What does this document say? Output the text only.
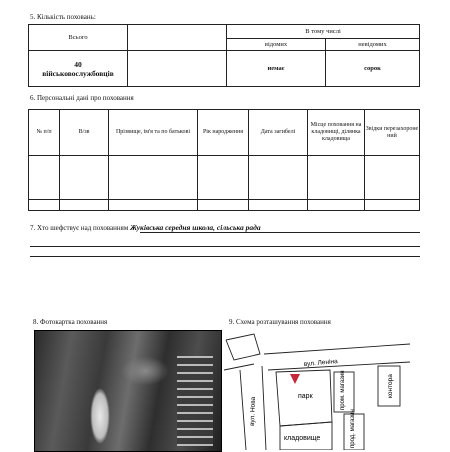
5. Кількість поховань:
Всього		В тому числі	
		відомих	невідомих

40
військовослужбовців		немає	сорок
6. Персональні дані про поховання
№ п/п	В/зв	Прізвище, ім'я та по батькові	Рік народження	Дата загибелі	Місце поховання на кладовищі, ділянка кладовища	Звідки перезахороне ний

7. Хто шефствує над похованням Жуківська середня школа, сільська рада
8. Фотокартка поховання	9. Схема розташування поховання
вул. Леніна
вул. Нова
парк
кладовище
пром. магазин
прод. магазин
контора
